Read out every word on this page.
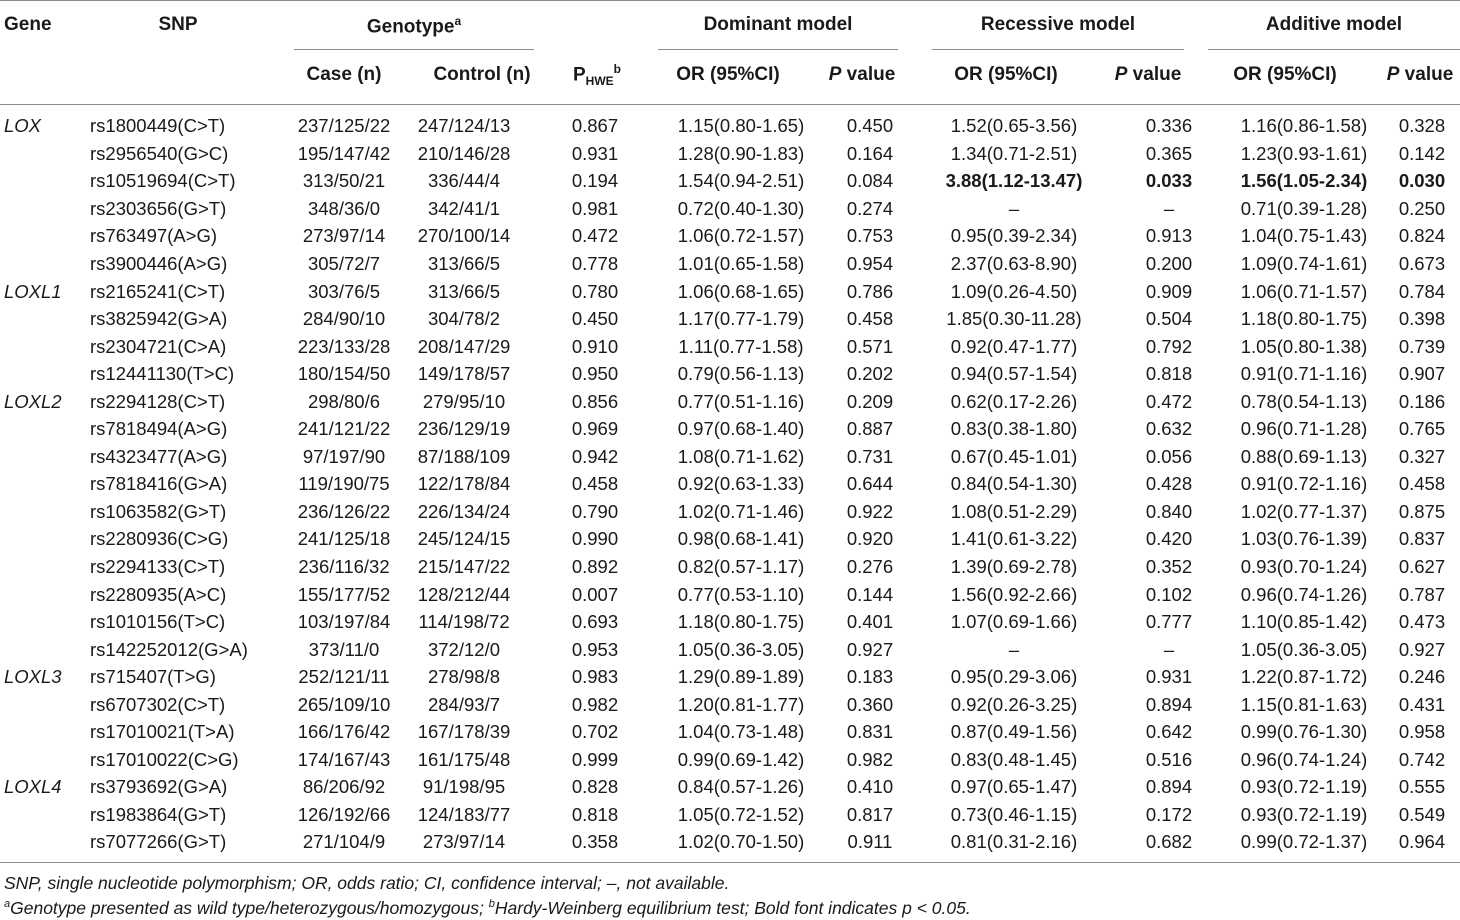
Gene	SNP	Genotype$^a$	Dominant model	Recessive model	Additive model
Case (n)	Control (n)	$P_{HWE}^b$	OR (95%CI)	P value	OR (95%CI)	P value	OR (95%CI)	P value
LOX	rs1800449(C>T)	237/125/22	247/124/13	0.867	1.15(0.80-1.65)	0.450	1.52(0.65-3.56)	0.336	1.16(0.86-1.58)	0.328
	rs2956540(G>C)	195/147/42	210/146/28	0.931	1.28(0.90-1.83)	0.164	1.34(0.71-2.51)	0.365	1.23(0.93-1.61)	0.142
	rs10519694(C>T)	313/50/21	336/44/4	0.194	1.54(0.94-2.51)	0.084	3.88(1.12-13.47)	0.033	1.56(1.05-2.34)	0.030
	rs2303656(G>T)	348/36/0	342/41/1	0.981	0.72(0.40-1.30)	0.274	–	–	0.71(0.39-1.28)	0.250
	rs763497(A>G)	273/97/14	270/100/14	0.472	1.06(0.72-1.57)	0.753	0.95(0.39-2.34)	0.913	1.04(0.75-1.43)	0.824
	rs3900446(A>G)	305/72/7	313/66/5	0.778	1.01(0.65-1.58)	0.954	2.37(0.63-8.90)	0.200	1.09(0.74-1.61)	0.673
LOXL1	rs2165241(C>T)	303/76/5	313/66/5	0.780	1.06(0.68-1.65)	0.786	1.09(0.26-4.50)	0.909	1.06(0.71-1.57)	0.784
	rs3825942(G>A)	284/90/10	304/78/2	0.450	1.17(0.77-1.79)	0.458	1.85(0.30-11.28)	0.504	1.18(0.80-1.75)	0.398
	rs2304721(C>A)	223/133/28	208/147/29	0.910	1.11(0.77-1.58)	0.571	0.92(0.47-1.77)	0.792	1.05(0.80-1.38)	0.739
	rs12441130(T>C)	180/154/50	149/178/57	0.950	0.79(0.56-1.13)	0.202	0.94(0.57-1.54)	0.818	0.91(0.71-1.16)	0.907
LOXL2	rs2294128(C>T)	298/80/6	279/95/10	0.856	0.77(0.51-1.16)	0.209	0.62(0.17-2.26)	0.472	0.78(0.54-1.13)	0.186
	rs7818494(A>G)	241/121/22	236/129/19	0.969	0.97(0.68-1.40)	0.887	0.83(0.38-1.80)	0.632	0.96(0.71-1.28)	0.765
	rs4323477(A>G)	97/197/90	87/188/109	0.942	1.08(0.71-1.62)	0.731	0.67(0.45-1.01)	0.056	0.88(0.69-1.13)	0.327
	rs7818416(G>A)	119/190/75	122/178/84	0.458	0.92(0.63-1.33)	0.644	0.84(0.54-1.30)	0.428	0.91(0.72-1.16)	0.458
	rs1063582(G>T)	236/126/22	226/134/24	0.790	1.02(0.71-1.46)	0.922	1.08(0.51-2.29)	0.840	1.02(0.77-1.37)	0.875
	rs2280936(C>G)	241/125/18	245/124/15	0.990	0.98(0.68-1.41)	0.920	1.41(0.61-3.22)	0.420	1.03(0.76-1.39)	0.837
	rs2294133(C>T)	236/116/32	215/147/22	0.892	0.82(0.57-1.17)	0.276	1.39(0.69-2.78)	0.352	0.93(0.70-1.24)	0.627
	rs2280935(A>C)	155/177/52	128/212/44	0.007	0.77(0.53-1.10)	0.144	1.56(0.92-2.66)	0.102	0.96(0.74-1.26)	0.787
	rs1010156(T>C)	103/197/84	114/198/72	0.693	1.18(0.80-1.75)	0.401	1.07(0.69-1.66)	0.777	1.10(0.85-1.42)	0.473
	rs142252012(G>A)	373/11/0	372/12/0	0.953	1.05(0.36-3.05)	0.927	–	–	1.05(0.36-3.05)	0.927
LOXL3	rs715407(T>G)	252/121/11	278/98/8	0.983	1.29(0.89-1.89)	0.183	0.95(0.29-3.06)	0.931	1.22(0.87-1.72)	0.246
	rs6707302(C>T)	265/109/10	284/93/7	0.982	1.20(0.81-1.77)	0.360	0.92(0.26-3.25)	0.894	1.15(0.81-1.63)	0.431
	rs17010021(T>A)	166/176/42	167/178/39	0.702	1.04(0.73-1.48)	0.831	0.87(0.49-1.56)	0.642	0.99(0.76-1.30)	0.958
	rs17010022(C>G)	174/167/43	161/175/48	0.999	0.99(0.69-1.42)	0.982	0.83(0.48-1.45)	0.516	0.96(0.74-1.24)	0.742
LOXL4	rs3793692(G>A)	86/206/92	91/198/95	0.828	0.84(0.57-1.26)	0.410	0.97(0.65-1.47)	0.894	0.93(0.72-1.19)	0.555
	rs1983864(G>T)	126/192/66	124/183/77	0.818	1.05(0.72-1.52)	0.817	0.73(0.46-1.15)	0.172	0.93(0.72-1.19)	0.549
	rs7077266(G>T)	271/104/9	273/97/14	0.358	1.02(0.70-1.50)	0.911	0.81(0.31-2.16)	0.682	0.99(0.72-1.37)	0.964
SNP, single nucleotide polymorphism; OR, odds ratio; CI, confidence interval; –, not available.
$^a$Genotype presented as wild type/heterozygous/homozygous; $^b$Hardy-Weinberg equilibrium test; Bold font indicates p < 0.05.
